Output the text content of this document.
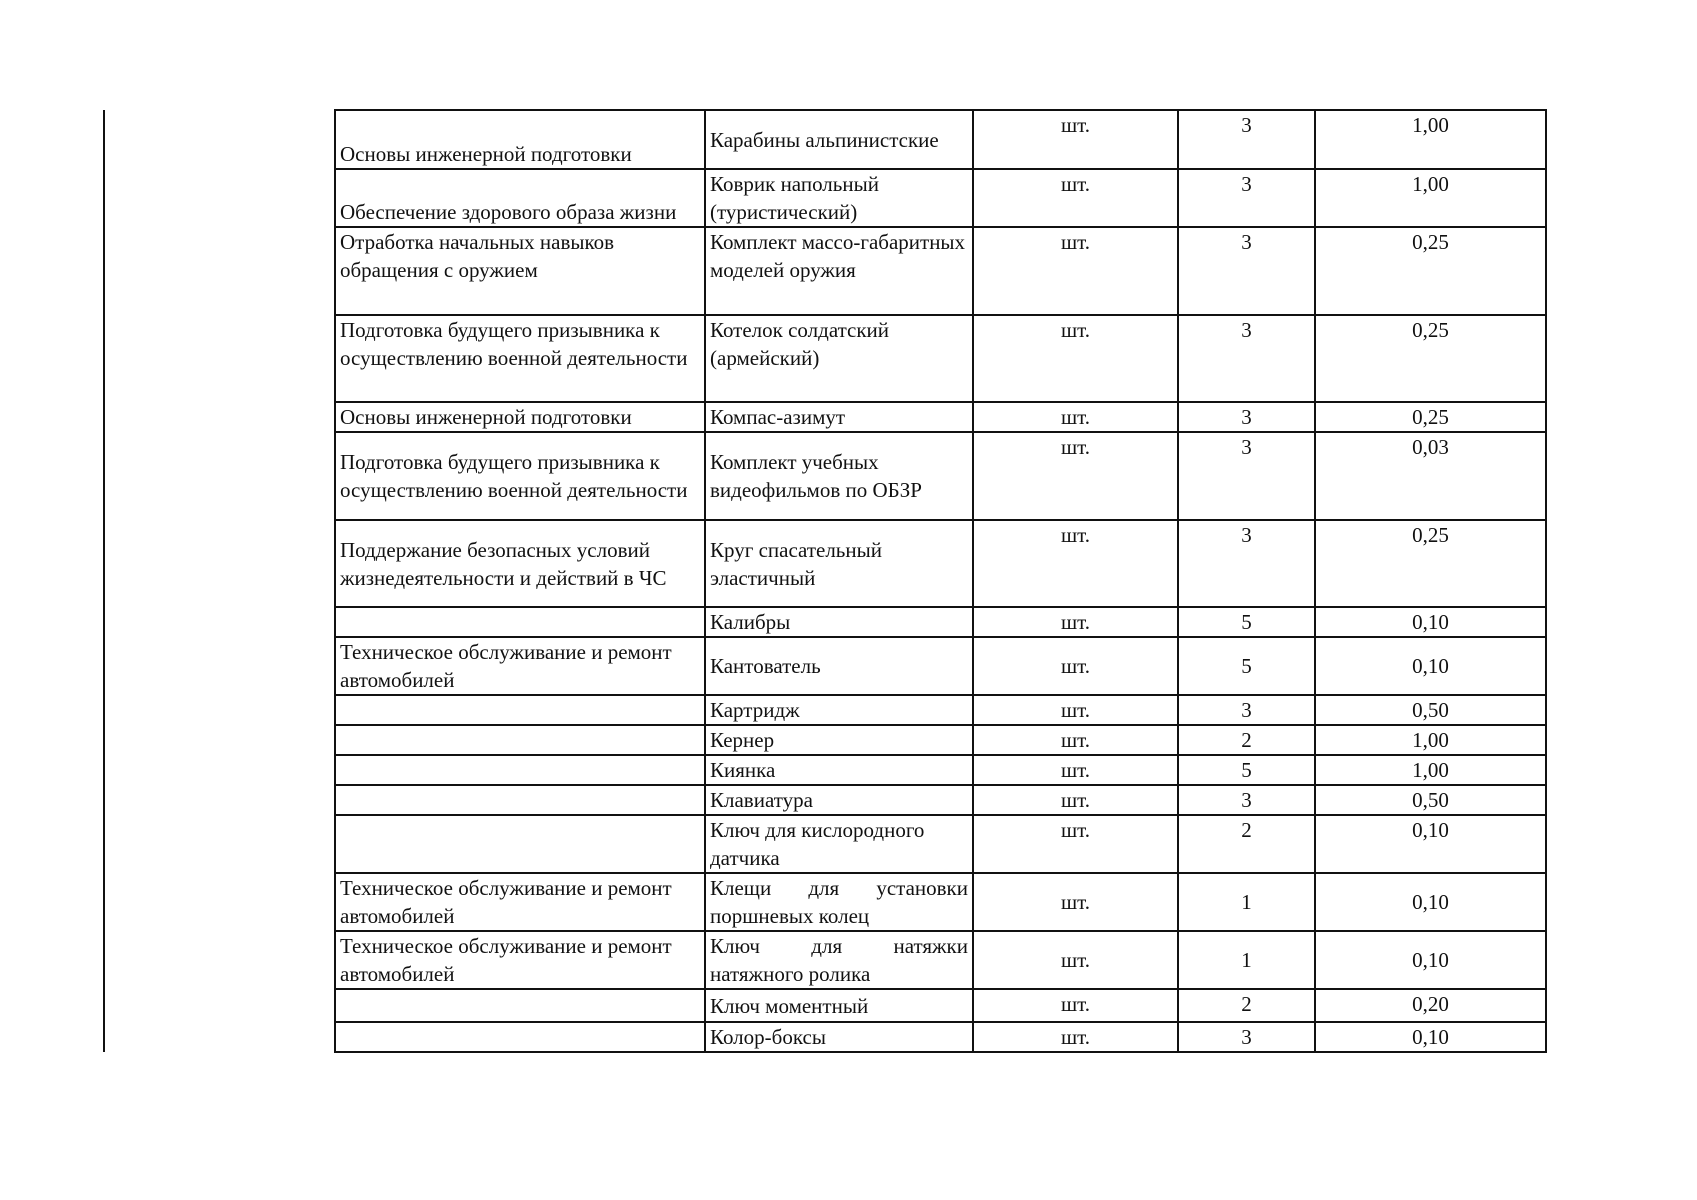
Основы инженерной подготовки	Карабины альпинистские	шт.	3	1,00
Обеспечение здорового образа жизни	Коврик напольный (туристический)	шт.	3	1,00
Отработка начальных навыков обращения с оружием	Комплект массо-габаритных моделей оружия	шт.	3	0,25
Подготовка будущего призывника к осуществлению военной деятельности	Котелок солдатский (армейский)	шт.	3	0,25
Основы инженерной подготовки	Компас-азимут	шт.	3	0,25
Подготовка будущего призывника к осуществлению военной деятельности	Комплект учебных видеофильмов по ОБЗР	шт.	3	0,03
Поддержание безопасных условий жизнедеятельности и действий в ЧС	Круг спасательный эластичный	шт.	3	0,25
	Калибры	шт.	5	0,10
Техническое обслуживание и ремонт автомобилей	Кантователь	шт.	5	0,10
	Картридж	шт.	3	0,50
	Кернер	шт.	2	1,00
	Киянка	шт.	5	1,00
	Клавиатура	шт.	3	0,50
	Ключ для кислородного датчика	шт.	2	0,10
Техническое обслуживание и ремонт автомобилей	Клещи для установки поршневых колец	шт.	1	0,10
Техническое обслуживание и ремонт автомобилей	Ключ для натяжки натяжного ролика	шт.	1	0,10
	Ключ моментный	шт.	2	0,20
	Колор-боксы	шт.	3	0,10
